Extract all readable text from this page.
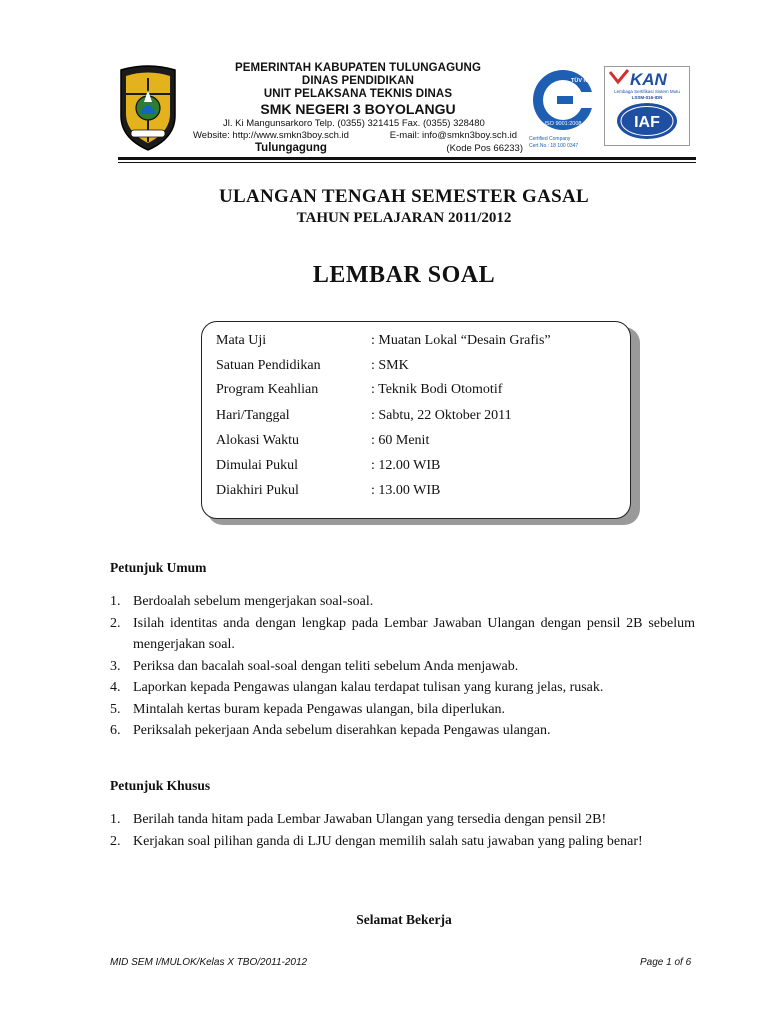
PEMERINTAH KABUPATEN TULUNGAGUNG
DINAS PENDIDIKAN
UNIT PELAKSANA TEKNIS DINAS
SMK NEGERI 3 BOYOLANGU
Jl. Ki Mangunsarkoro Telp. (0355) 321415 Fax. (0355) 328480
Website: http://www.smkn3boy.sch.id	E-mail: info@smkn3boy.sch.id
Tulungagung	(Kode Pos 66233)
ISO 9001:2008
TÜV NORD
Certified Company
Cert.No.: 18 100 0347
KAN
Lembaga Sertifikasi Sistem Mutu
LSSM-016-IDN
IAF
ULANGAN TENGAH SEMESTER GASAL
TAHUN PELAJARAN 2011/2012
LEMBAR SOAL
Mata Uji	: Muatan Lokal “Desain Grafis”
Satuan Pendidikan	: SMK
Program Keahlian	: Teknik Bodi Otomotif
Hari/Tanggal	: Sabtu, 22 Oktober 2011
Alokasi Waktu	: 60 Menit
Dimulai Pukul	: 12.00 WIB
Diakhiri Pukul	: 13.00 WIB
Petunjuk Umum
1. Berdoalah sebelum mengerjakan soal-soal.
2. Isilah identitas anda dengan lengkap pada Lembar Jawaban Ulangan dengan pensil 2B sebelum mengerjakan soal.
3. Periksa dan bacalah soal-soal dengan teliti sebelum Anda menjawab.
4. Laporkan kepada Pengawas ulangan kalau terdapat tulisan yang kurang jelas, rusak.
5. Mintalah kertas buram kepada Pengawas ulangan, bila diperlukan.
6. Periksalah pekerjaan Anda sebelum diserahkan kepada Pengawas ulangan.
Petunjuk Khusus
1. Berilah tanda hitam pada Lembar Jawaban Ulangan yang tersedia dengan pensil 2B!
2. Kerjakan soal pilihan ganda di LJU dengan memilih salah satu jawaban yang paling benar!
Selamat Bekerja
MID SEM I/MULOK/Kelas X TBO/2011-2012	Page 1 of 6
